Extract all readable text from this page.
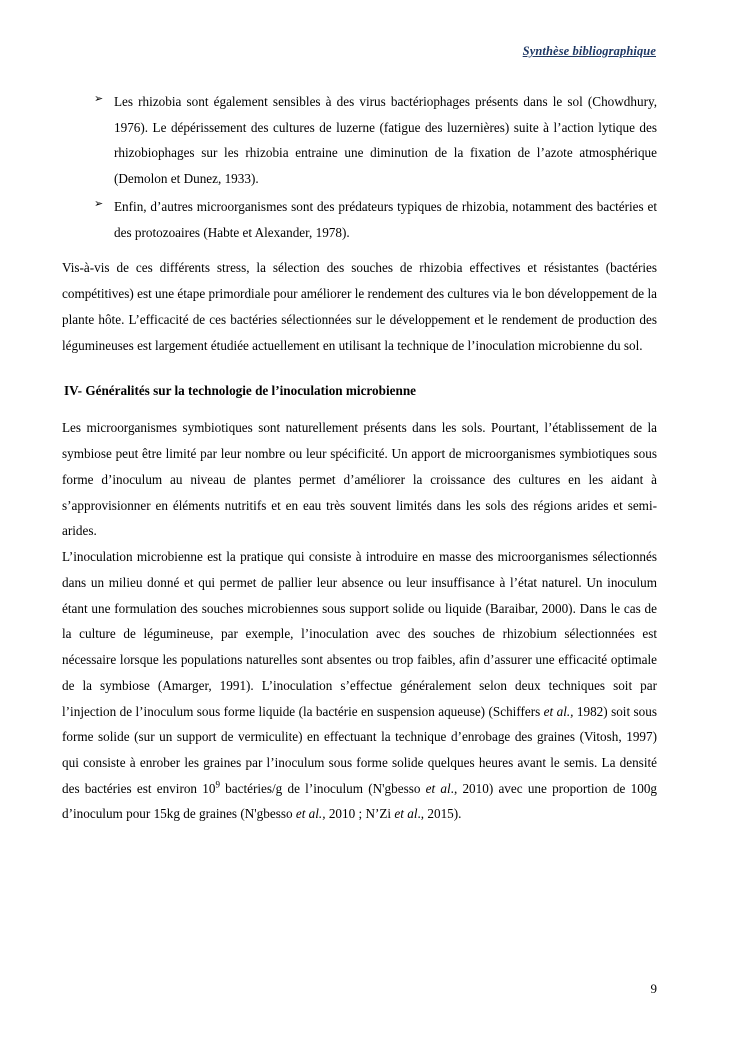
Synthèse bibliographique
➢ Les rhizobia sont également sensibles à des virus bactériophages présents dans le sol (Chowdhury, 1976). Le dépérissement des cultures de luzerne (fatigue des luzernières) suite à l’action lytique des rhizobiophages sur les rhizobia entraine une diminution de la fixation de l’azote atmosphérique (Demolon et Dunez, 1933).
➢ Enfin, d’autres microorganismes sont des prédateurs typiques de rhizobia, notamment des bactéries et des protozoaires (Habte et Alexander, 1978).

Vis-à-vis de ces différents stress, la sélection des souches de rhizobia effectives et résistantes (bactéries compétitives) est une étape primordiale pour améliorer le rendement des cultures via le bon développement de la plante hôte. L’efficacité de ces bactéries sélectionnées sur le développement et le rendement de production des légumineuses est largement étudiée actuellement en utilisant la technique de l’inoculation microbienne du sol.

IV- Généralités sur la technologie de l’inoculation microbienne

Les microorganismes symbiotiques sont naturellement présents dans les sols. Pourtant, l’établissement de la symbiose peut être limité par leur nombre ou leur spécificité. Un apport de microorganismes symbiotiques sous forme d’inoculum au niveau de plantes permet d’améliorer la croissance des cultures en les aidant à s’approvisionner en éléments nutritifs et en eau très souvent limités dans les sols des régions arides et semi-arides.

L’inoculation microbienne est la pratique qui consiste à introduire en masse des microorganismes sélectionnés dans un milieu donné et qui permet de pallier leur absence ou leur insuffisance à l’état naturel. Un inoculum étant une formulation des souches microbiennes sous support solide ou liquide (Baraibar, 2000). Dans le cas de la culture de légumineuse, par exemple, l’inoculation avec des souches de rhizobium sélectionnées est nécessaire lorsque les populations naturelles sont absentes ou trop faibles, afin d’assurer une efficacité optimale de la symbiose (Amarger, 1991). L’inoculation s’effectue généralement selon deux techniques soit par l’injection de l’inoculum sous forme liquide (la bactérie en suspension aqueuse) (Schiffers et al., 1982) soit sous forme solide (sur un support de vermiculite) en effectuant la technique d’enrobage des graines (Vitosh, 1997) qui consiste à enrober les graines par l’inoculum sous forme solide quelques heures avant le semis. La densité des bactéries est environ $10^9$ bactéries/g de l’inoculum (N'gbesso et al., 2010) avec une proportion de 100g d’inoculum pour 15kg de graines (N'gbesso et al., 2010 ; N’Zi et al., 2015).

9
